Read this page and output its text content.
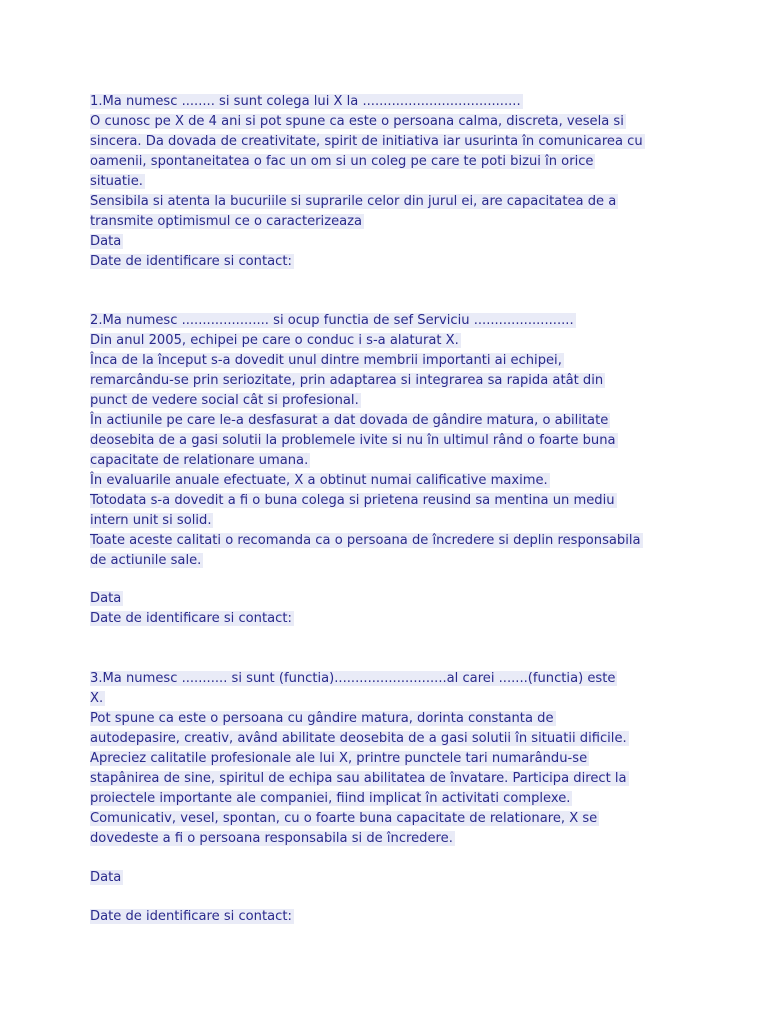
1.Ma numesc ........ si sunt colega lui X la ......................................
O cunosc pe X de 4 ani si pot spune ca este o persoana calma, discreta, vesela si
sincera. Da dovada de creativitate, spirit de initiativa iar usurinta în comunicarea cu
oamenii, spontaneitatea o fac un om si un coleg pe care te poti bizui în orice
situatie.
Sensibila si atenta la bucuriile si suprarile celor din jurul ei, are capacitatea de a
transmite optimismul ce o caracterizeaza
Data
Date de identificare si contact:
2.Ma numesc ..................... si ocup functia de sef Serviciu ........................
Din anul 2005, echipei pe care o conduc i s-a alaturat X.
Înca de la început s-a dovedit unul dintre membrii importanti ai echipei,
remarcându-se prin seriozitate, prin adaptarea si integrarea sa rapida atât din
punct de vedere social cât si profesional.
În actiunile pe care le-a desfasurat a dat dovada de gândire matura, o abilitate
deosebita de a gasi solutii la problemele ivite si nu în ultimul rând o foarte buna
capacitate de relationare umana.
În evaluarile anuale efectuate, X a obtinut numai calificative maxime.
Totodata s-a dovedit a fi o buna colega si prietena reusind sa mentina un mediu
intern unit si solid.
Toate aceste calitati o recomanda ca o persoana de încredere si deplin responsabila
de actiunile sale.
Data
Date de identificare si contact:
3.Ma numesc ........... si sunt (functia)...........................al carei .......(functia) este
X.
Pot spune ca este o persoana cu gândire matura, dorinta constanta de
autodepasire, creativ, având abilitate deosebita de a gasi solutii în situatii dificile.
Apreciez calitatile profesionale ale lui X, printre punctele tari numarându-se
stapânirea de sine, spiritul de echipa sau abilitatea de învatare. Participa direct la
proiectele importante ale companiei, fiind implicat în activitati complexe.
Comunicativ, vesel, spontan, cu o foarte buna capacitate de relationare, X se
dovedeste a fi o persoana responsabila si de încredere.
Data
Date de identificare si contact:
